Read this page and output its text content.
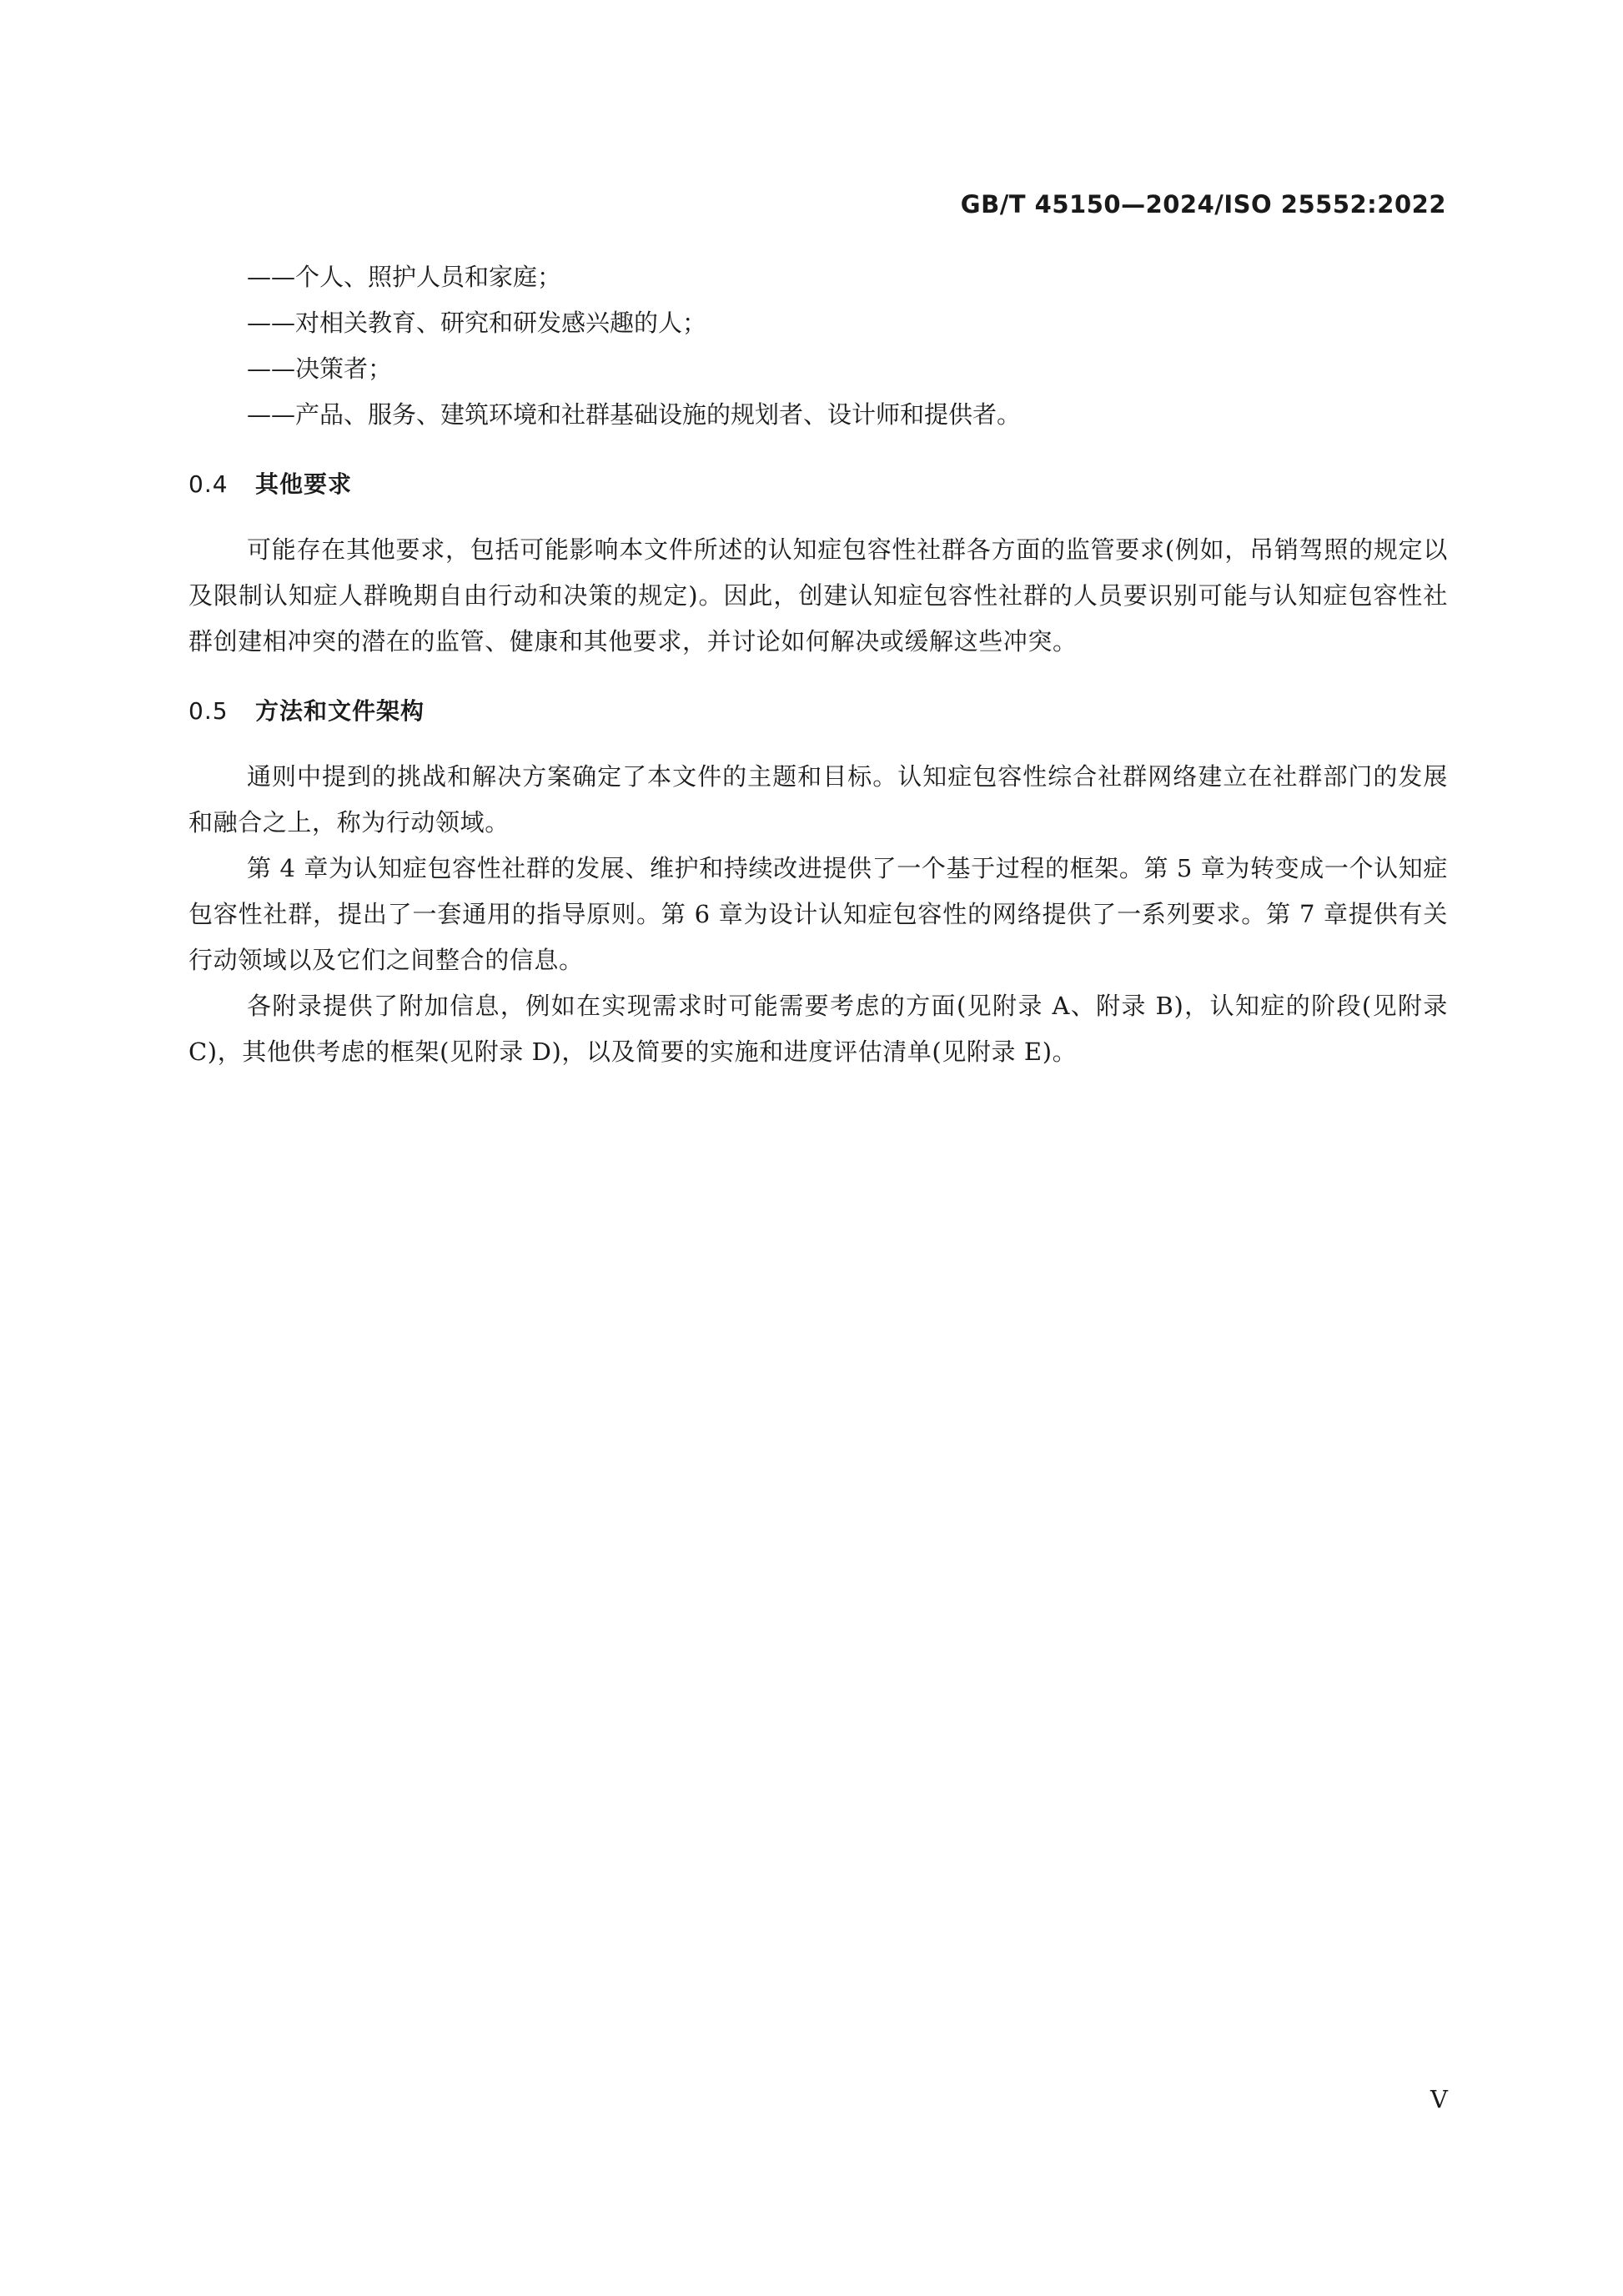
GB/T 45150—2024/ISO 25552:2022

——个人、照护人员和家庭；

——对相关教育、研究和研发感兴趣的人；

——决策者；

——产品、服务、建筑环境和社群基础设施的规划者、设计师和提供者。

0.4 其他要求

可能存在其他要求，包括可能影响本文件所述的认知症包容性社群各方面的监管要求(例如，吊销驾照的规定以及限制认知症人群晚期自由行动和决策的规定)。因此，创建认知症包容性社群的人员要识别可能与认知症包容性社群创建相冲突的潜在的监管、健康和其他要求，并讨论如何解决或缓解这些冲突。

0.5 方法和文件架构

通则中提到的挑战和解决方案确定了本文件的主题和目标。认知症包容性综合社群网络建立在社群部门的发展和融合之上，称为行动领域。

第 4 章为认知症包容性社群的发展、维护和持续改进提供了一个基于过程的框架。第 5 章为转变成一个认知症包容性社群，提出了一套通用的指导原则。第 6 章为设计认知症包容性的网络提供了一系列要求。第 7 章提供有关行动领域以及它们之间整合的信息。

各附录提供了附加信息，例如在实现需求时可能需要考虑的方面(见附录 A、附录 B)，认知症的阶段(见附录 C)，其他供考虑的框架(见附录 D)，以及简要的实施和进度评估清单(见附录 E)。

V
